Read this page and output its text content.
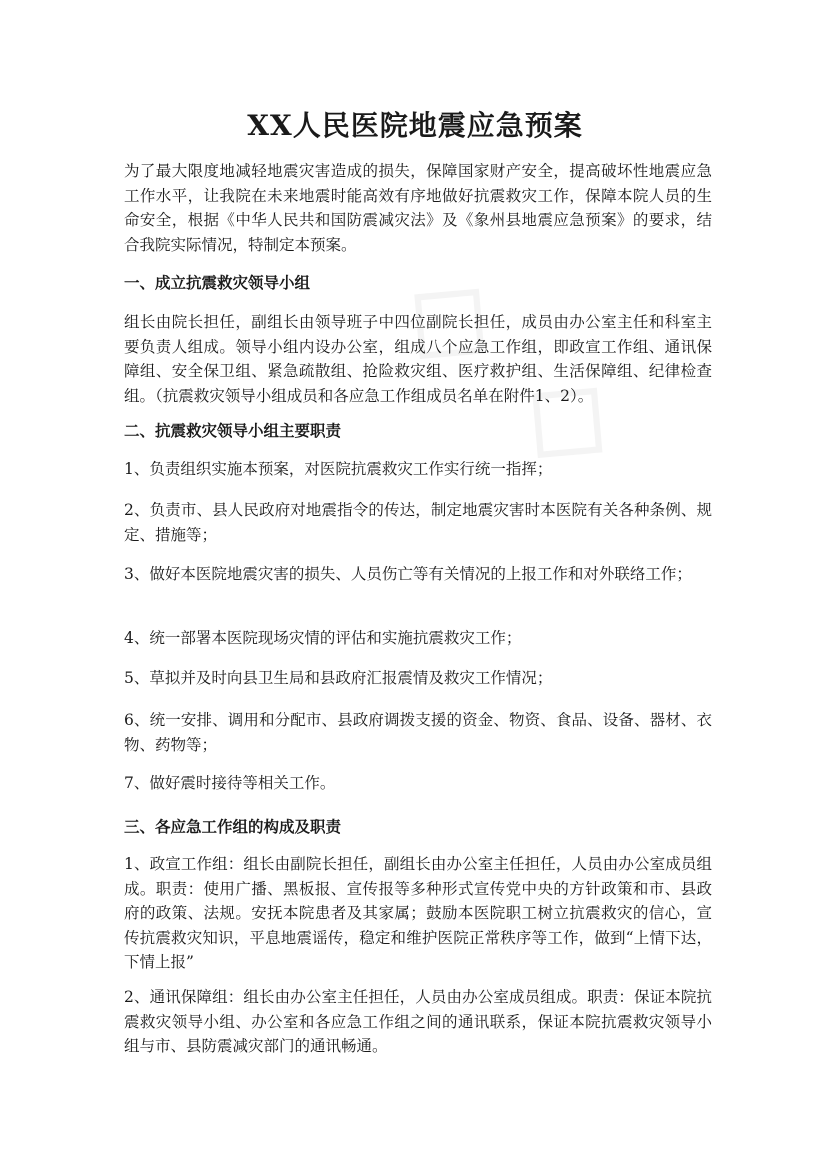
XX人民医院地震应急预案
为了最大限度地减轻地震灾害造成的损失，保障国家财产安全，提高破坏性地震应急工作水平，让我院在未来地震时能高效有序地做好抗震救灾工作，保障本院人员的生命安全，根据《中华人民共和国防震减灾法》及《象州县地震应急预案》的要求，结合我院实际情况，特制定本预案。
一、成立抗震救灾领导小组
组长由院长担任，副组长由领导班子中四位副院长担任，成员由办公室主任和科室主要负责人组成。领导小组内设办公室，组成八个应急工作组，即政宣工作组、通讯保障组、安全保卫组、紧急疏散组、抢险救灾组、医疗救护组、生活保障组、纪律检查组。（抗震救灾领导小组成员和各应急工作组成员名单在附件1、2）。
二、抗震救灾领导小组主要职责
1、负责组织实施本预案，对医院抗震救灾工作实行统一指挥；
2、负责市、县人民政府对地震指令的传达，制定地震灾害时本医院有关各种条例、规定、措施等；
3、做好本医院地震灾害的损失、人员伤亡等有关情况的上报工作和对外联络工作；
4、统一部署本医院现场灾情的评估和实施抗震救灾工作；
5、草拟并及时向县卫生局和县政府汇报震情及救灾工作情况；
6、统一安排、调用和分配市、县政府调拨支援的资金、物资、食品、设备、器材、衣物、药物等；
7、做好震时接待等相关工作。
三、各应急工作组的构成及职责
1、政宣工作组：组长由副院长担任，副组长由办公室主任担任，人员由办公室成员组成。职责：使用广播、黑板报、宣传报等多种形式宣传党中央的方针政策和市、县政府的政策、法规。安抚本院患者及其家属；鼓励本医院职工树立抗震救灾的信心，宣传抗震救灾知识，平息地震谣传，稳定和维护医院正常秩序等工作，做到“上情下达，下情上报”
2、通讯保障组：组长由办公室主任担任，人员由办公室成员组成。职责：保证本院抗震救灾领导小组、办公室和各应急工作组之间的通讯联系，保证本院抗震救灾领导小组与市、县防震减灾部门的通讯畅通。
